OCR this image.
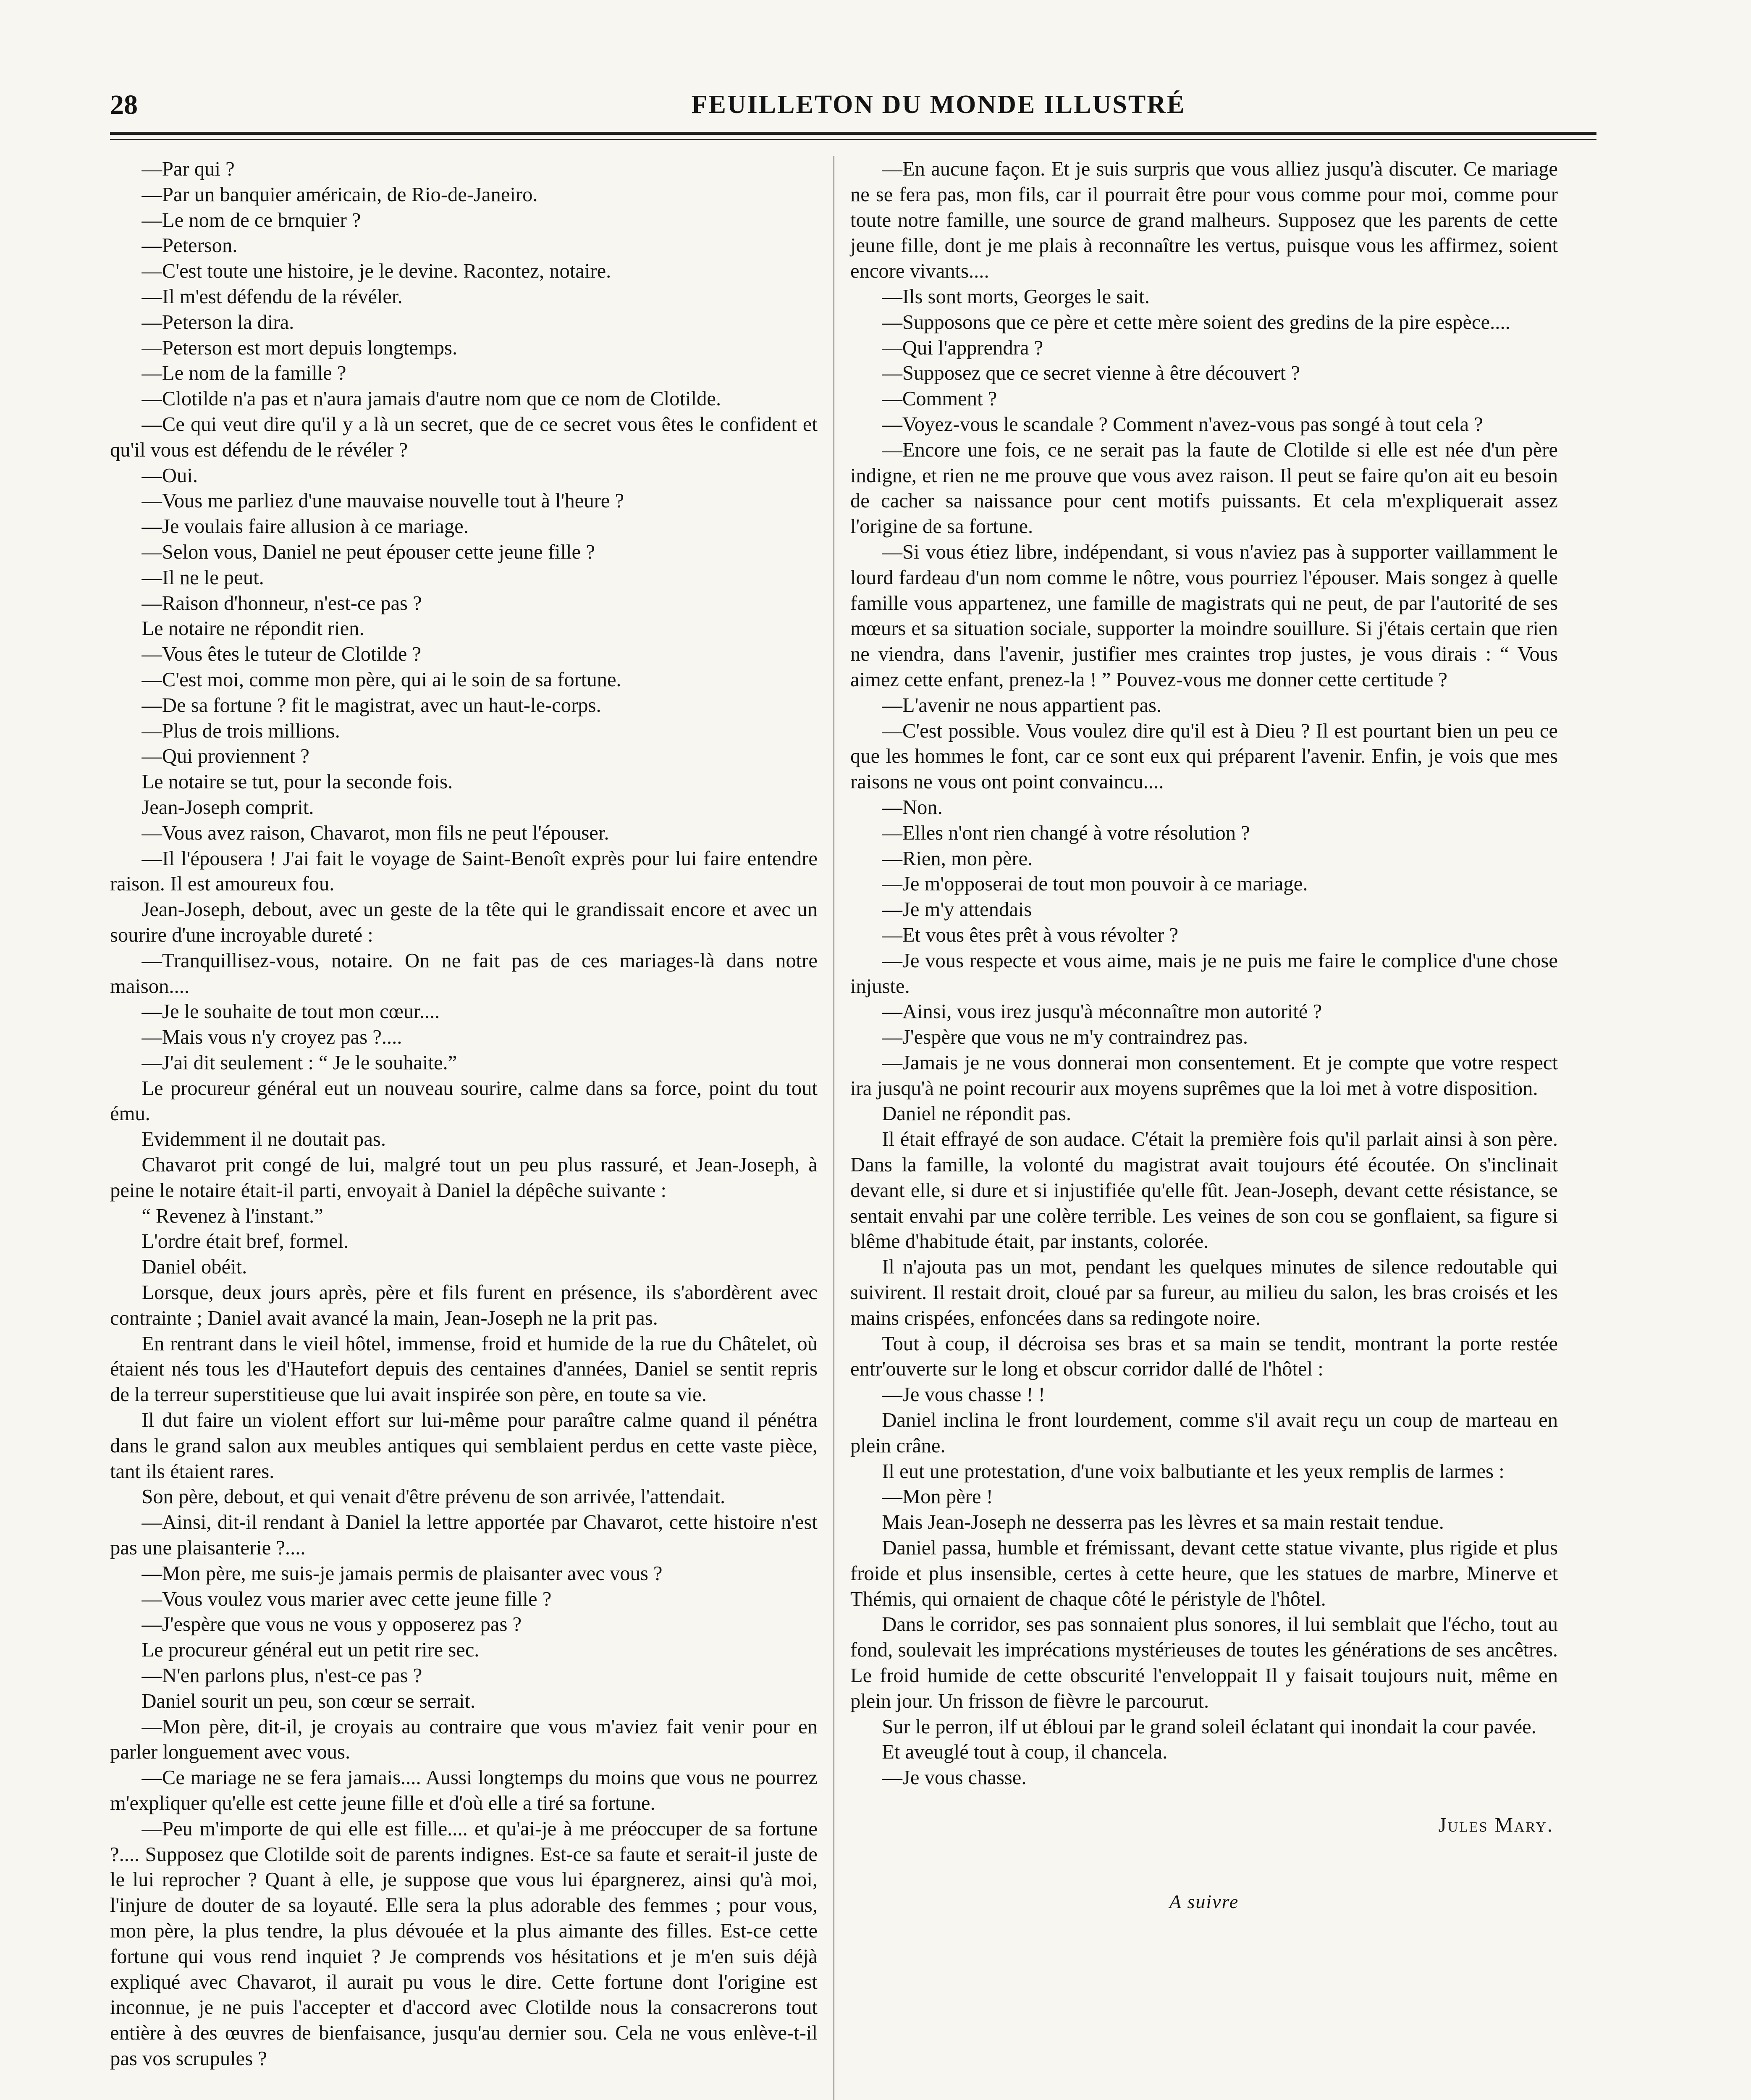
28	FEUILLETON DU MONDE ILLUSTRÉ

—Par qui ?

—Par un banquier américain, de Rio-de-Janeiro.

—Le nom de ce brnquier ?

—Peterson.

—C'est toute une histoire, je le devine. Racontez, notaire.

—Il m'est défendu de la révéler.

—Peterson la dira.

—Peterson est mort depuis longtemps.

—Le nom de la famille ?

—Clotilde n'a pas et n'aura jamais d'autre nom que ce nom de Clotilde.

—Ce qui veut dire qu'il y a là un secret, que de ce secret vous êtes le confident et qu'il vous est défendu de le révéler ?

—Oui.

—Vous me parliez d'une mauvaise nouvelle tout à l'heure ?

—Je voulais faire allusion à ce mariage.

—Selon vous, Daniel ne peut épouser cette jeune fille ?

—Il ne le peut.

—Raison d'honneur, n'est-ce pas ?

Le notaire ne répondit rien.

—Vous êtes le tuteur de Clotilde ?

—C'est moi, comme mon père, qui ai le soin de sa fortune.

—De sa fortune ? fit le magistrat, avec un haut-le-corps.

—Plus de trois millions.

—Qui proviennent ?

Le notaire se tut, pour la seconde fois.

Jean-Joseph comprit.

—Vous avez raison, Chavarot, mon fils ne peut l'épouser.

—Il l'épousera ! J'ai fait le voyage de Saint-Benoît exprès pour lui faire entendre raison. Il est amoureux fou.

Jean-Joseph, debout, avec un geste de la tête qui le grandissait encore et avec un sourire d'une incroyable dureté :

—Tranquillisez-vous, notaire. On ne fait pas de ces mariages-là dans notre maison....

—Je le souhaite de tout mon cœur....

—Mais vous n'y croyez pas ?....

—J'ai dit seulement : “ Je le souhaite.”

Le procureur général eut un nouveau sourire, calme dans sa force, point du tout ému.

Evidemment il ne doutait pas.

Chavarot prit congé de lui, malgré tout un peu plus rassuré, et Jean-Joseph, à peine le notaire était-il parti, envoyait à Daniel la dépêche suivante :

“ Revenez à l'instant.”

L'ordre était bref, formel.

Daniel obéit.

Lorsque, deux jours après, père et fils furent en présence, ils s'abordèrent avec contrainte ; Daniel avait avancé la main, Jean-Joseph ne la prit pas.

En rentrant dans le vieil hôtel, immense, froid et humide de la rue du Châtelet, où étaient nés tous les d'Hautefort depuis des centaines d'années, Daniel se sentit repris de la terreur superstitieuse que lui avait inspirée son père, en toute sa vie.

Il dut faire un violent effort sur lui-même pour paraître calme quand il pénétra dans le grand salon aux meubles antiques qui semblaient perdus en cette vaste pièce, tant ils étaient rares.

Son père, debout, et qui venait d'être prévenu de son arrivée, l'attendait.

—Ainsi, dit-il rendant à Daniel la lettre apportée par Chavarot, cette histoire n'est pas une plaisanterie ?....

—Mon père, me suis-je jamais permis de plaisanter avec vous ?

—Vous voulez vous marier avec cette jeune fille ?

—J'espère que vous ne vous y opposerez pas ?

Le procureur général eut un petit rire sec.

—N'en parlons plus, n'est-ce pas ?

Daniel sourit un peu, son cœur se serrait.

—Mon père, dit-il, je croyais au contraire que vous m'aviez fait venir pour en parler longuement avec vous.

—Ce mariage ne se fera jamais.... Aussi longtemps du moins que vous ne pourrez m'expliquer qu'elle est cette jeune fille et d'où elle a tiré sa fortune.

—Peu m'importe de qui elle est fille.... et qu'ai-je à me préoccuper de sa fortune ?.... Supposez que Clotilde soit de parents indignes. Est-ce sa faute et serait-il juste de le lui reprocher ? Quant à elle, je suppose que vous lui épargnerez, ainsi qu'à moi, l'injure de douter de sa loyauté. Elle sera la plus adorable des femmes ; pour vous, mon père, la plus tendre, la plus dévouée et la plus aimante des filles. Est-ce cette fortune qui vous rend inquiet ? Je comprends vos hésitations et je m'en suis déjà expliqué avec Chavarot, il aurait pu vous le dire. Cette fortune dont l'origine est inconnue, je ne puis l'accepter et d'accord avec Clotilde nous la consacrerons tout entière à des œuvres de bienfaisance, jusqu'au dernier sou. Cela ne vous enlève-t-il pas vos scrupules ?

—En aucune façon. Et je suis surpris que vous alliez jusqu'à discuter. Ce mariage ne se fera pas, mon fils, car il pourrait être pour vous comme pour moi, comme pour toute notre famille, une source de grand malheurs. Supposez que les parents de cette jeune fille, dont je me plais à reconnaître les vertus, puisque vous les affirmez, soient encore vivants....

—Ils sont morts, Georges le sait.

—Supposons que ce père et cette mère soient des gredins de la pire espèce....

—Qui l'apprendra ?

—Supposez que ce secret vienne à être découvert ?

—Comment ?

—Voyez-vous le scandale ? Comment n'avez-vous pas songé à tout cela ?

—Encore une fois, ce ne serait pas la faute de Clotilde si elle est née d'un père indigne, et rien ne me prouve que vous avez raison. Il peut se faire qu'on ait eu besoin de cacher sa naissance pour cent motifs puissants. Et cela m'expliquerait assez l'origine de sa fortune.

—Si vous étiez libre, indépendant, si vous n'aviez pas à supporter vaillamment le lourd fardeau d'un nom comme le nôtre, vous pourriez l'épouser. Mais songez à quelle famille vous appartenez, une famille de magistrats qui ne peut, de par l'autorité de ses mœurs et sa situation sociale, supporter la moindre souillure. Si j'étais certain que rien ne viendra, dans l'avenir, justifier mes craintes trop justes, je vous dirais : “ Vous aimez cette enfant, prenez-la ! ” Pouvez-vous me donner cette certitude ?

—L'avenir ne nous appartient pas.

—C'est possible. Vous voulez dire qu'il est à Dieu ? Il est pourtant bien un peu ce que les hommes le font, car ce sont eux qui préparent l'avenir. Enfin, je vois que mes raisons ne vous ont point convaincu....

—Non.

—Elles n'ont rien changé à votre résolution ?

—Rien, mon père.

—Je m'opposerai de tout mon pouvoir à ce mariage.

—Je m'y attendais

—Et vous êtes prêt à vous révolter ?

—Je vous respecte et vous aime, mais je ne puis me faire le complice d'une chose injuste.

—Ainsi, vous irez jusqu'à méconnaître mon autorité ?

—J'espère que vous ne m'y contraindrez pas.

—Jamais je ne vous donnerai mon consentement. Et je compte que votre respect ira jusqu'à ne point recourir aux moyens suprêmes que la loi met à votre disposition.

Daniel ne répondit pas.

Il était effrayé de son audace. C'était la première fois qu'il parlait ainsi à son père. Dans la famille, la volonté du magistrat avait toujours été écoutée. On s'inclinait devant elle, si dure et si injustifiée qu'elle fût. Jean-Joseph, devant cette résistance, se sentait envahi par une colère terrible. Les veines de son cou se gonflaient, sa figure si blême d'habitude était, par instants, colorée.

Il n'ajouta pas un mot, pendant les quelques minutes de silence redoutable qui suivirent. Il restait droit, cloué par sa fureur, au milieu du salon, les bras croisés et les mains crispées, enfoncées dans sa redingote noire.

Tout à coup, il décroisa ses bras et sa main se tendit, montrant la porte restée entr'ouverte sur le long et obscur corridor dallé de l'hôtel :

—Je vous chasse ! !

Daniel inclina le front lourdement, comme s'il avait reçu un coup de marteau en plein crâne.

Il eut une protestation, d'une voix balbutiante et les yeux remplis de larmes :

—Mon père !

Mais Jean-Joseph ne desserra pas les lèvres et sa main restait tendue.

Daniel passa, humble et frémissant, devant cette statue vivante, plus rigide et plus froide et plus insensible, certes à cette heure, que les statues de marbre, Minerve et Thémis, qui ornaient de chaque côté le péristyle de l'hôtel.

Dans le corridor, ses pas sonnaient plus sonores, il lui semblait que l'écho, tout au fond, soulevait les imprécations mystérieuses de toutes les générations de ses ancêtres. Le froid humide de cette obscurité l'enveloppait Il y faisait toujours nuit, même en plein jour. Un frisson de fièvre le parcourut.

Sur le perron, ilf ut ébloui par le grand soleil éclatant qui inondait la cour pavée.

Et aveuglé tout à coup, il chancela.

—Je vous chasse.

Jules Mary.
A suivre
